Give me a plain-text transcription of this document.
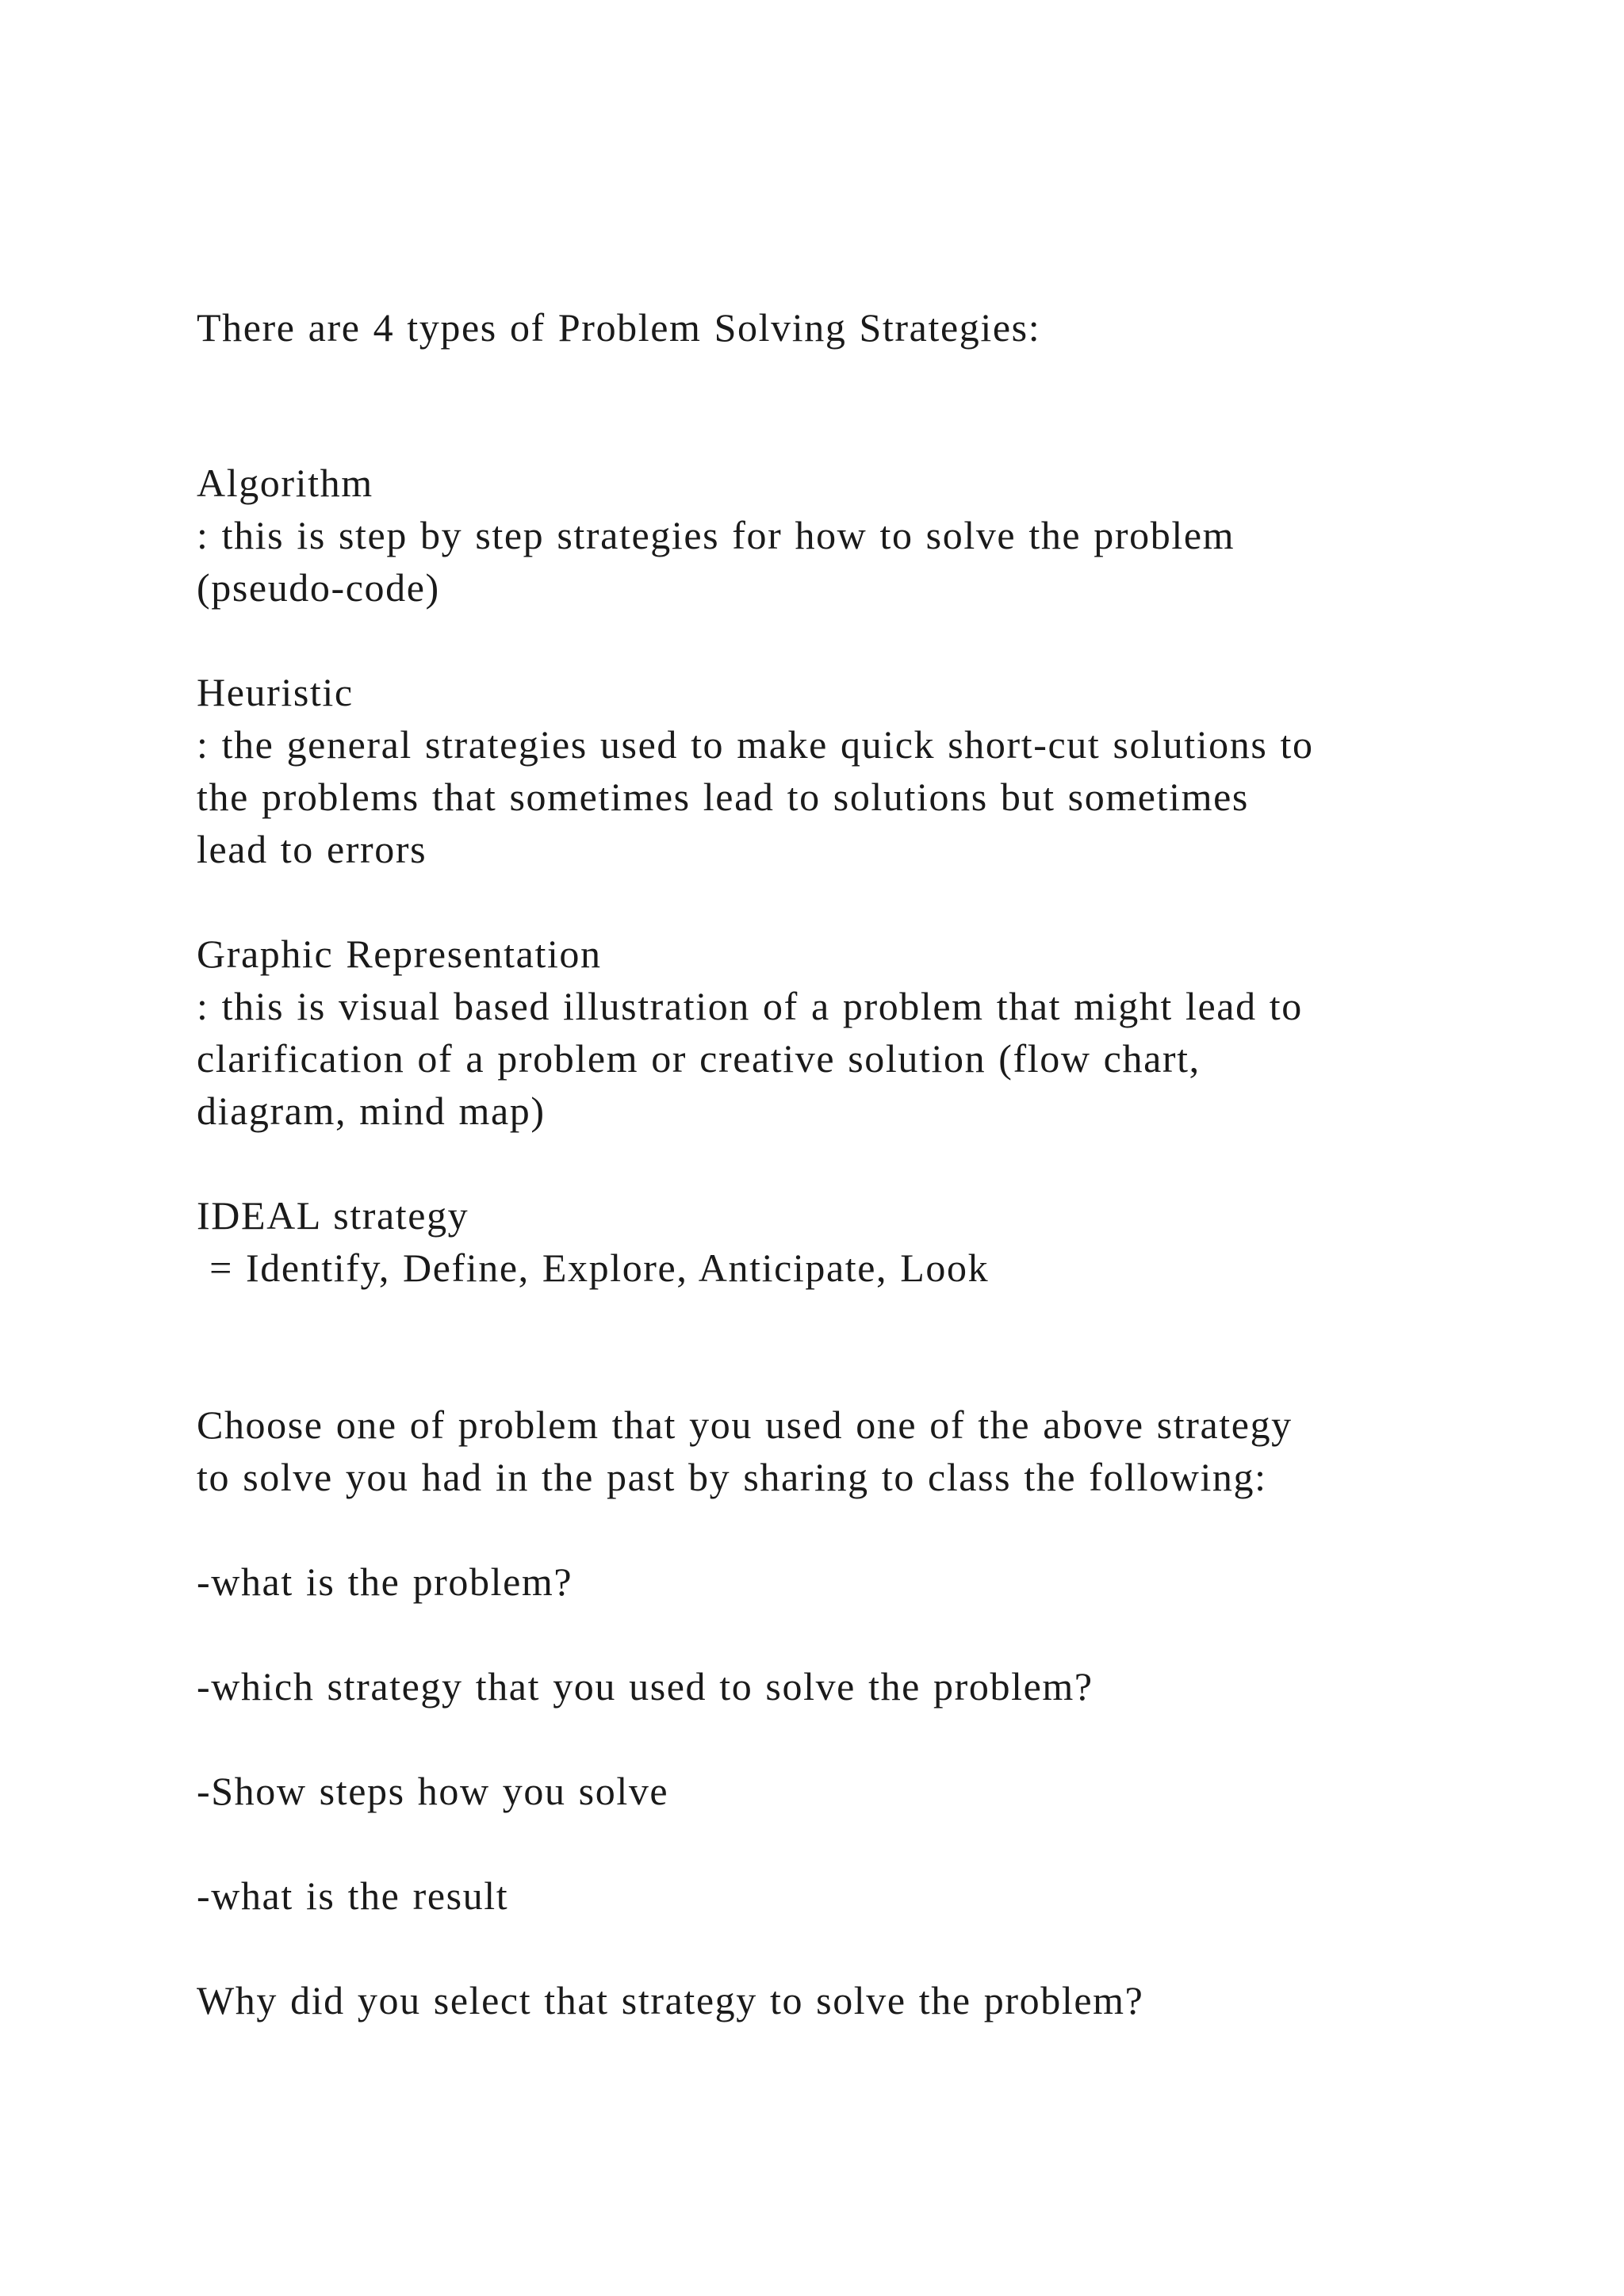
There are 4 types of Problem Solving Strategies:
Algorithm
: this is step by step strategies for how to solve the problem
(pseudo-code)
Heuristic
: the general strategies used to make quick short-cut solutions to
the problems that sometimes lead to solutions but sometimes
lead to errors
Graphic Representation
: this is visual based illustration of a problem that might lead to
clarification of a problem or creative solution (flow chart,
diagram, mind map)
IDEAL strategy
= Identify, Define, Explore, Anticipate, Look
Choose one of problem that you used one of the above strategy
to solve you had in the past by sharing to class the following:
-what is the problem?
-which strategy that you used to solve the problem?
-Show steps how you solve
-what is the result
Why did you select that strategy to solve the problem?
